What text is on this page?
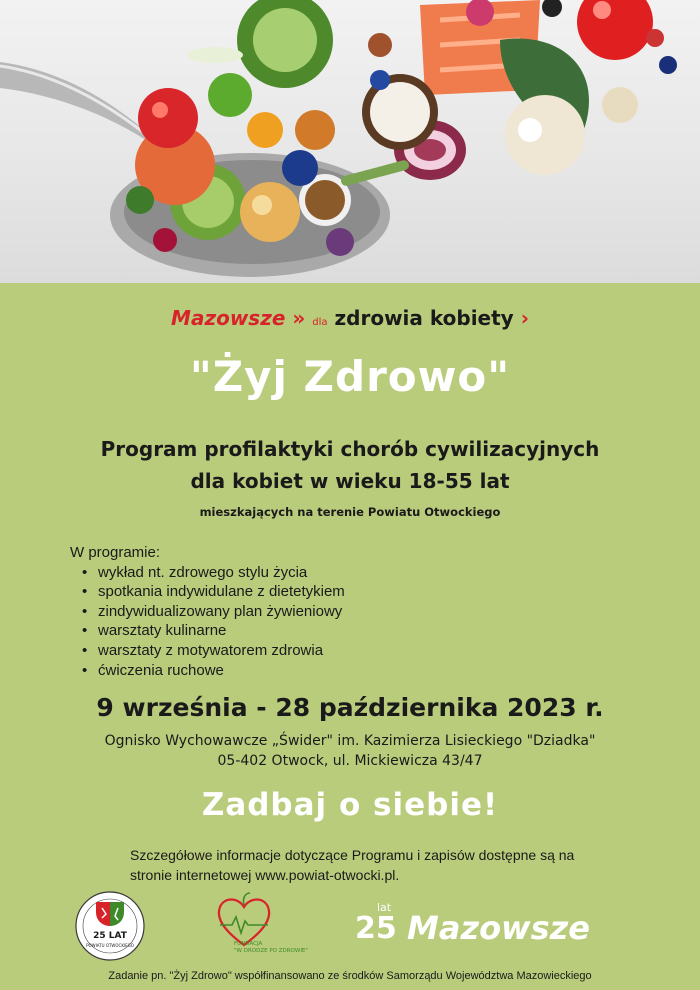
Mazowsze » dla zdrowia kobiety ›
"Żyj Zdrowo"
Program profilaktyki chorób cywilizacyjnych
dla kobiet w wieku 18-55 lat
mieszkających na terenie Powiatu Otwockiego
W programie:
• wykład nt. zdrowego stylu życia
• spotkania indywidulane z dietetykiem
• zindywidualizowany plan żywieniowy
• warsztaty kulinarne
• warsztaty z motywatorem zdrowia
• ćwiczenia ruchowe
9 września - 28 października 2023 r.
Ognisko Wychowawcze „Świder" im. Kazimierza Lisieckiego "Dziadka"
05-402 Otwock, ul. Mickiewicza 43/47
Zadbaj o siebie!
Szczegółowe informacje dotyczące Programu i zapisów dostępne są na
stronie internetowej www.powiat-otwocki.pl.
25 LAT
POWIATU OTWOCKIEGO	FUNDACJA
"W DRODZE PO ZDROWIE"
25
lat
Mazowsze
Zadanie pn. "Żyj Zdrowo" współfinansowano ze środków Samorządu Województwa Mazowieckiego
